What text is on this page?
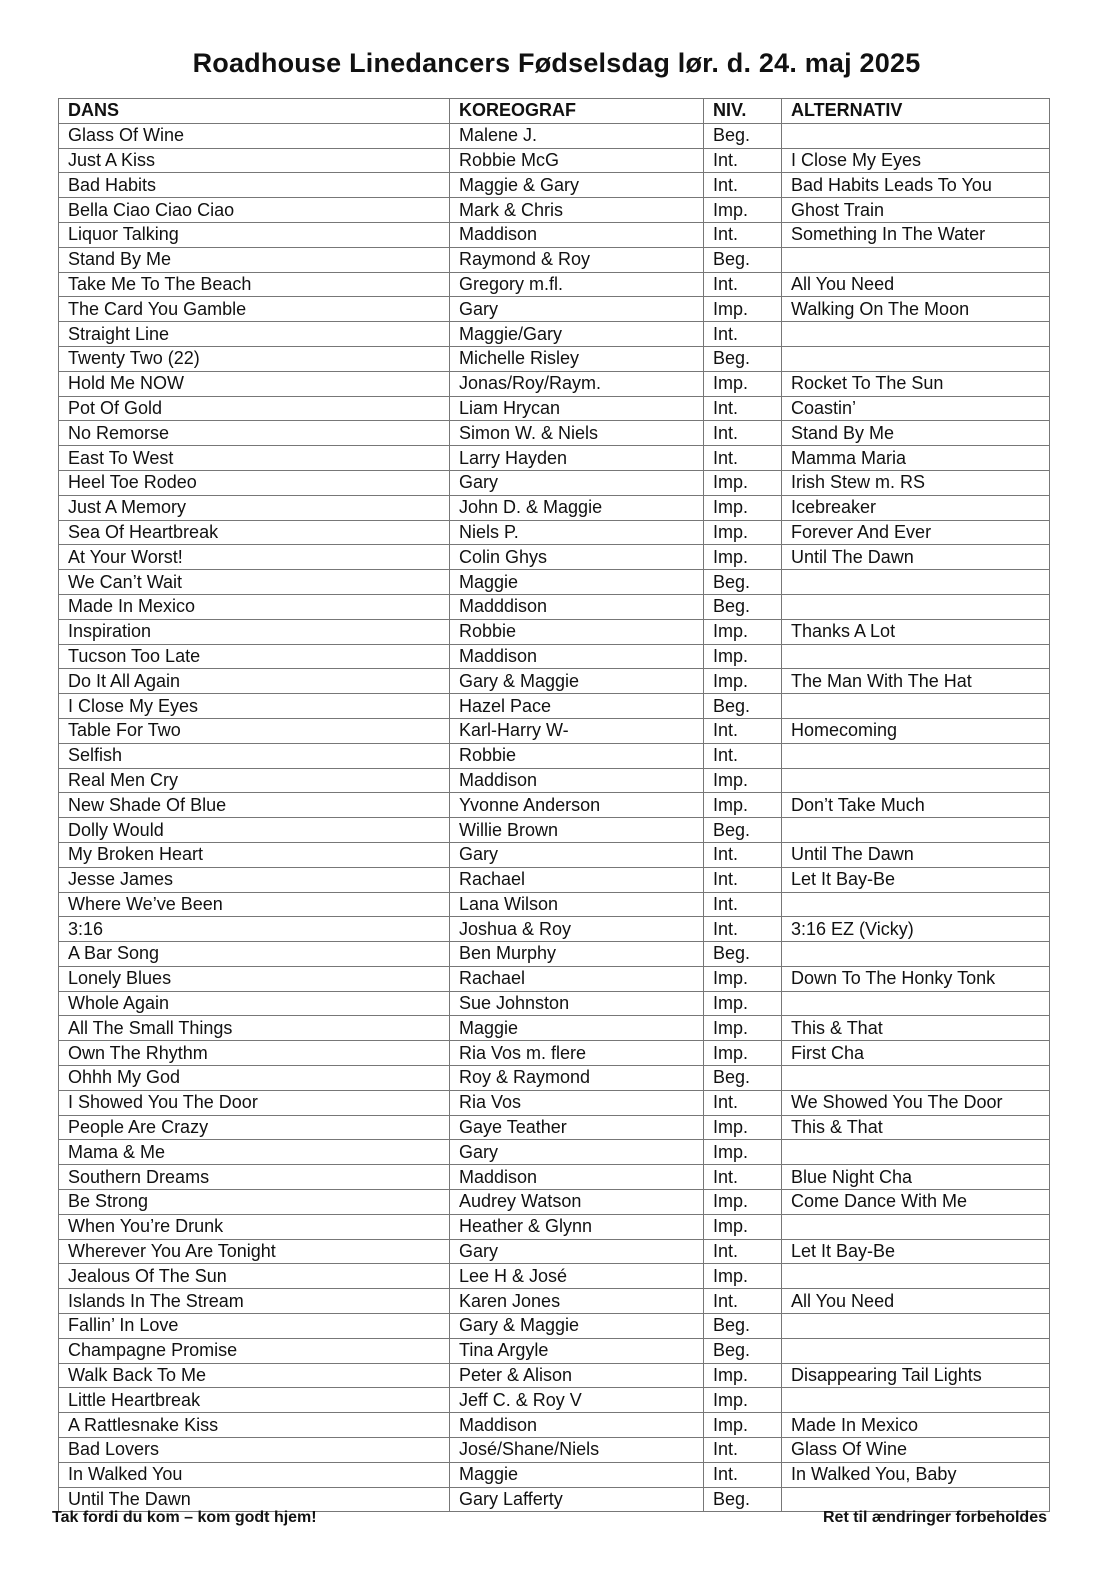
Roadhouse Linedancers Fødselsdag lør. d. 24. maj 2025
DANS	KOREOGRAF	NIV.	ALTERNATIV
Glass Of Wine	Malene J.	Beg.	
Just A Kiss	Robbie McG	Int.	I Close My Eyes
Bad Habits	Maggie & Gary	Int.	Bad Habits Leads To You
Bella Ciao Ciao Ciao	Mark & Chris	Imp.	Ghost Train
Liquor Talking	Maddison	Int.	Something In The Water
Stand By Me	Raymond & Roy	Beg.	
Take Me To The Beach	Gregory m.fl.	Int.	All You Need
The Card You Gamble	Gary	Imp.	Walking On The Moon
Straight Line	Maggie/Gary	Int.	
Twenty Two (22)	Michelle Risley	Beg.	
Hold Me NOW	Jonas/Roy/Raym.	Imp.	Rocket To The Sun
Pot Of Gold	Liam Hrycan	Int.	Coastin’
No Remorse	Simon W. & Niels	Int.	Stand By Me
East To West	Larry Hayden	Int.	Mamma Maria
Heel Toe Rodeo	Gary	Imp.	Irish Stew m. RS
Just A Memory	John D. & Maggie	Imp.	Icebreaker
Sea Of Heartbreak	Niels P.	Imp.	Forever And Ever
At Your Worst!	Colin Ghys	Imp.	Until The Dawn
We Can’t Wait	Maggie	Beg.	
Made In Mexico	Madddison	Beg.	
Inspiration	Robbie	Imp.	Thanks A Lot
Tucson Too Late	Maddison	Imp.	
Do It All Again	Gary & Maggie	Imp.	The Man With The Hat
I Close My Eyes	Hazel Pace	Beg.	
Table For Two	Karl-Harry W-	Int.	Homecoming
Selfish	Robbie	Int.	
Real Men Cry	Maddison	Imp.	
New Shade Of Blue	Yvonne Anderson	Imp.	Don’t Take Much
Dolly Would	Willie Brown	Beg.	
My Broken Heart	Gary	Int.	Until The Dawn
Jesse James	Rachael	Int.	Let It Bay-Be
Where We’ve Been	Lana Wilson	Int.	
3:16	Joshua & Roy	Int.	3:16 EZ (Vicky)
A Bar Song	Ben Murphy	Beg.	
Lonely Blues	Rachael	Imp.	Down To The Honky Tonk
Whole Again	Sue Johnston	Imp.	
All The Small Things	Maggie	Imp.	This & That
Own The Rhythm	Ria Vos m. flere	Imp.	First Cha
Ohhh My God	Roy & Raymond	Beg.	
I Showed You The Door	Ria Vos	Int.	We Showed You The Door
People Are Crazy	Gaye Teather	Imp.	This & That
Mama & Me	Gary	Imp.	
Southern Dreams	Maddison	Int.	Blue Night Cha
Be Strong	Audrey Watson	Imp.	Come Dance With Me
When You’re Drunk	Heather & Glynn	Imp.	
Wherever You Are Tonight	Gary	Int.	Let It Bay-Be
Jealous Of The Sun	Lee H & José	Imp.	
Islands In The Stream	Karen Jones	Int.	All You Need
Fallin’ In Love	Gary & Maggie	Beg.	
Champagne Promise	Tina Argyle	Beg.	
Walk Back To Me	Peter & Alison	Imp.	Disappearing Tail Lights
Little Heartbreak	Jeff C. & Roy V	Imp.	
A Rattlesnake Kiss	Maddison	Imp.	Made In Mexico
Bad Lovers	José/Shane/Niels	Int.	Glass Of Wine
In Walked You	Maggie	Int.	In Walked You, Baby
Until The Dawn	Gary Lafferty	Beg.	
Tak fordi du kom – kom godt hjem!	Ret til ændringer forbeholdes
